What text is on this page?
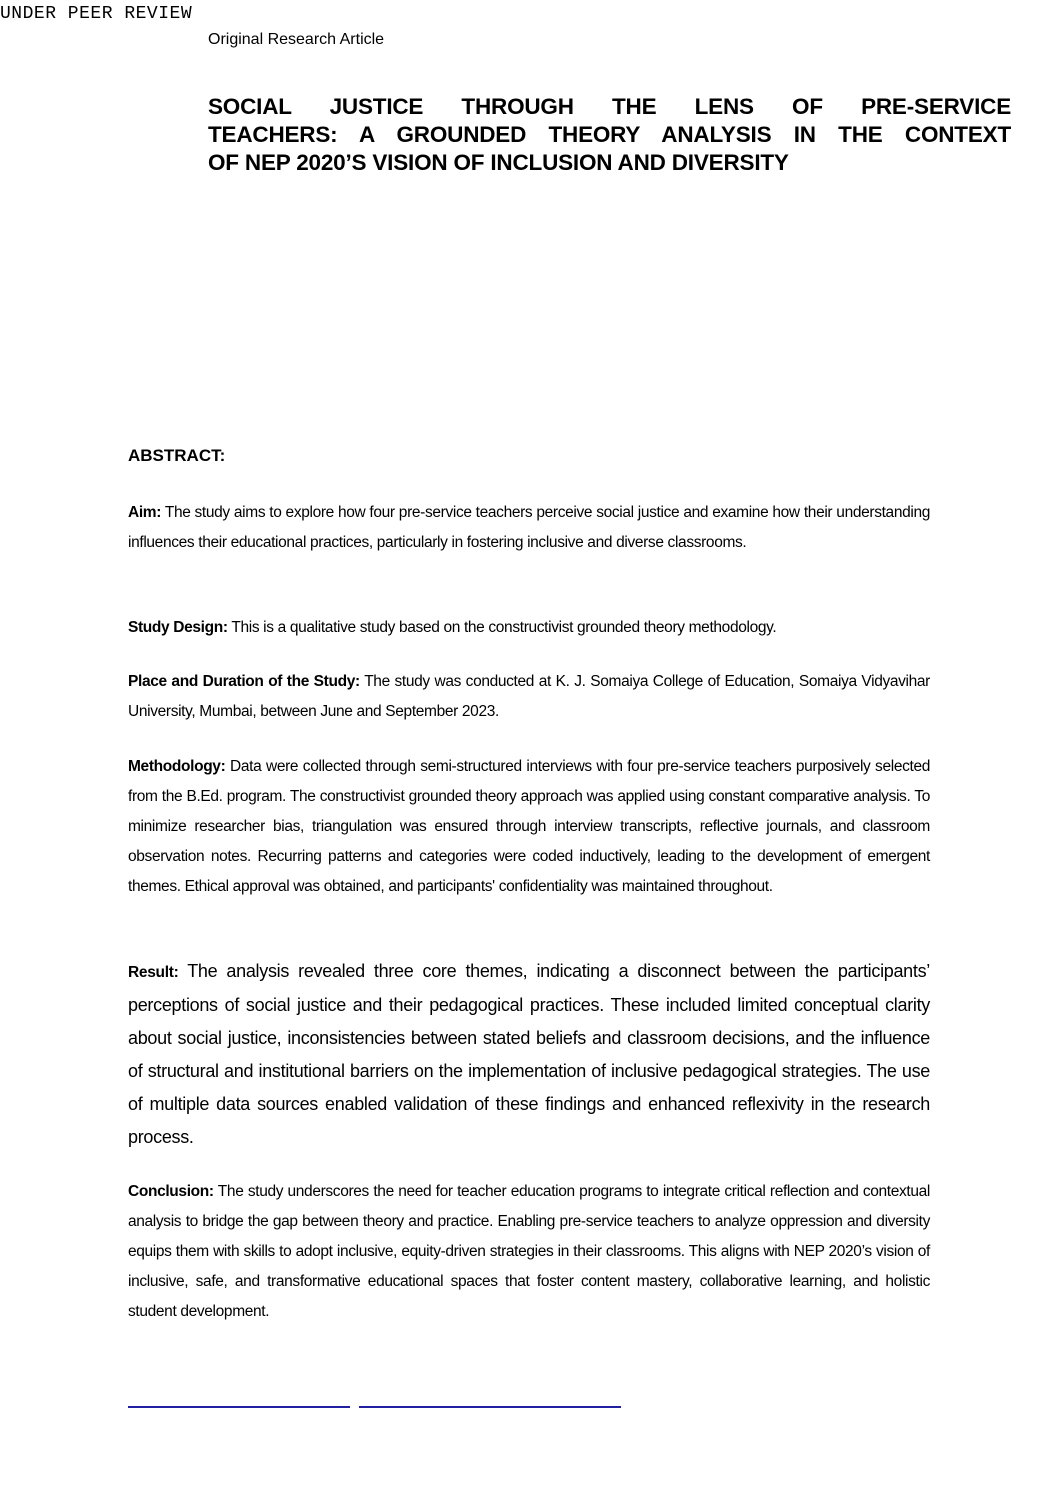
UNDER PEER REVIEW
Original Research Article
SOCIAL JUSTICE THROUGH THE LENS OF PRE-SERVICE
TEACHERS: A GROUNDED THEORY ANALYSIS IN THE CONTEXT
OF NEP 2020’S VISION OF INCLUSION AND DIVERSITY
ABSTRACT:

Aim: The study aims to explore how four pre-service teachers perceive social justice and examine how their understanding influences their educational practices, particularly in fostering inclusive and diverse classrooms.

Study Design: This is a qualitative study based on the constructivist grounded theory methodology.

Place and Duration of the Study: The study was conducted at K. J. Somaiya College of Education, Somaiya Vidyavihar University, Mumbai, between June and September 2023.

Methodology: Data were collected through semi-structured interviews with four pre-service teachers purposively selected from the B.Ed. program. The constructivist grounded theory approach was applied using constant comparative analysis. To minimize researcher bias, triangulation was ensured through interview transcripts, reflective journals, and classroom observation notes. Recurring patterns and categories were coded inductively, leading to the development of emergent themes. Ethical approval was obtained, and participants' confidentiality was maintained throughout.

Result: The analysis revealed three core themes, indicating a disconnect between the participants’ perceptions of social justice and their pedagogical practices. These included limited conceptual clarity about social justice, inconsistencies between stated beliefs and classroom decisions, and the influence of structural and institutional barriers on the implementation of inclusive pedagogical strategies. The use of multiple data sources enabled validation of these findings and enhanced reflexivity in the research process.

Conclusion: The study underscores the need for teacher education programs to integrate critical reflection and contextual analysis to bridge the gap between theory and practice. Enabling pre-service teachers to analyze oppression and diversity equips them with skills to adopt inclusive, equity-driven strategies in their classrooms. This aligns with NEP 2020’s vision of inclusive, safe, and transformative educational spaces that foster content mastery, collaborative learning, and holistic student development.
